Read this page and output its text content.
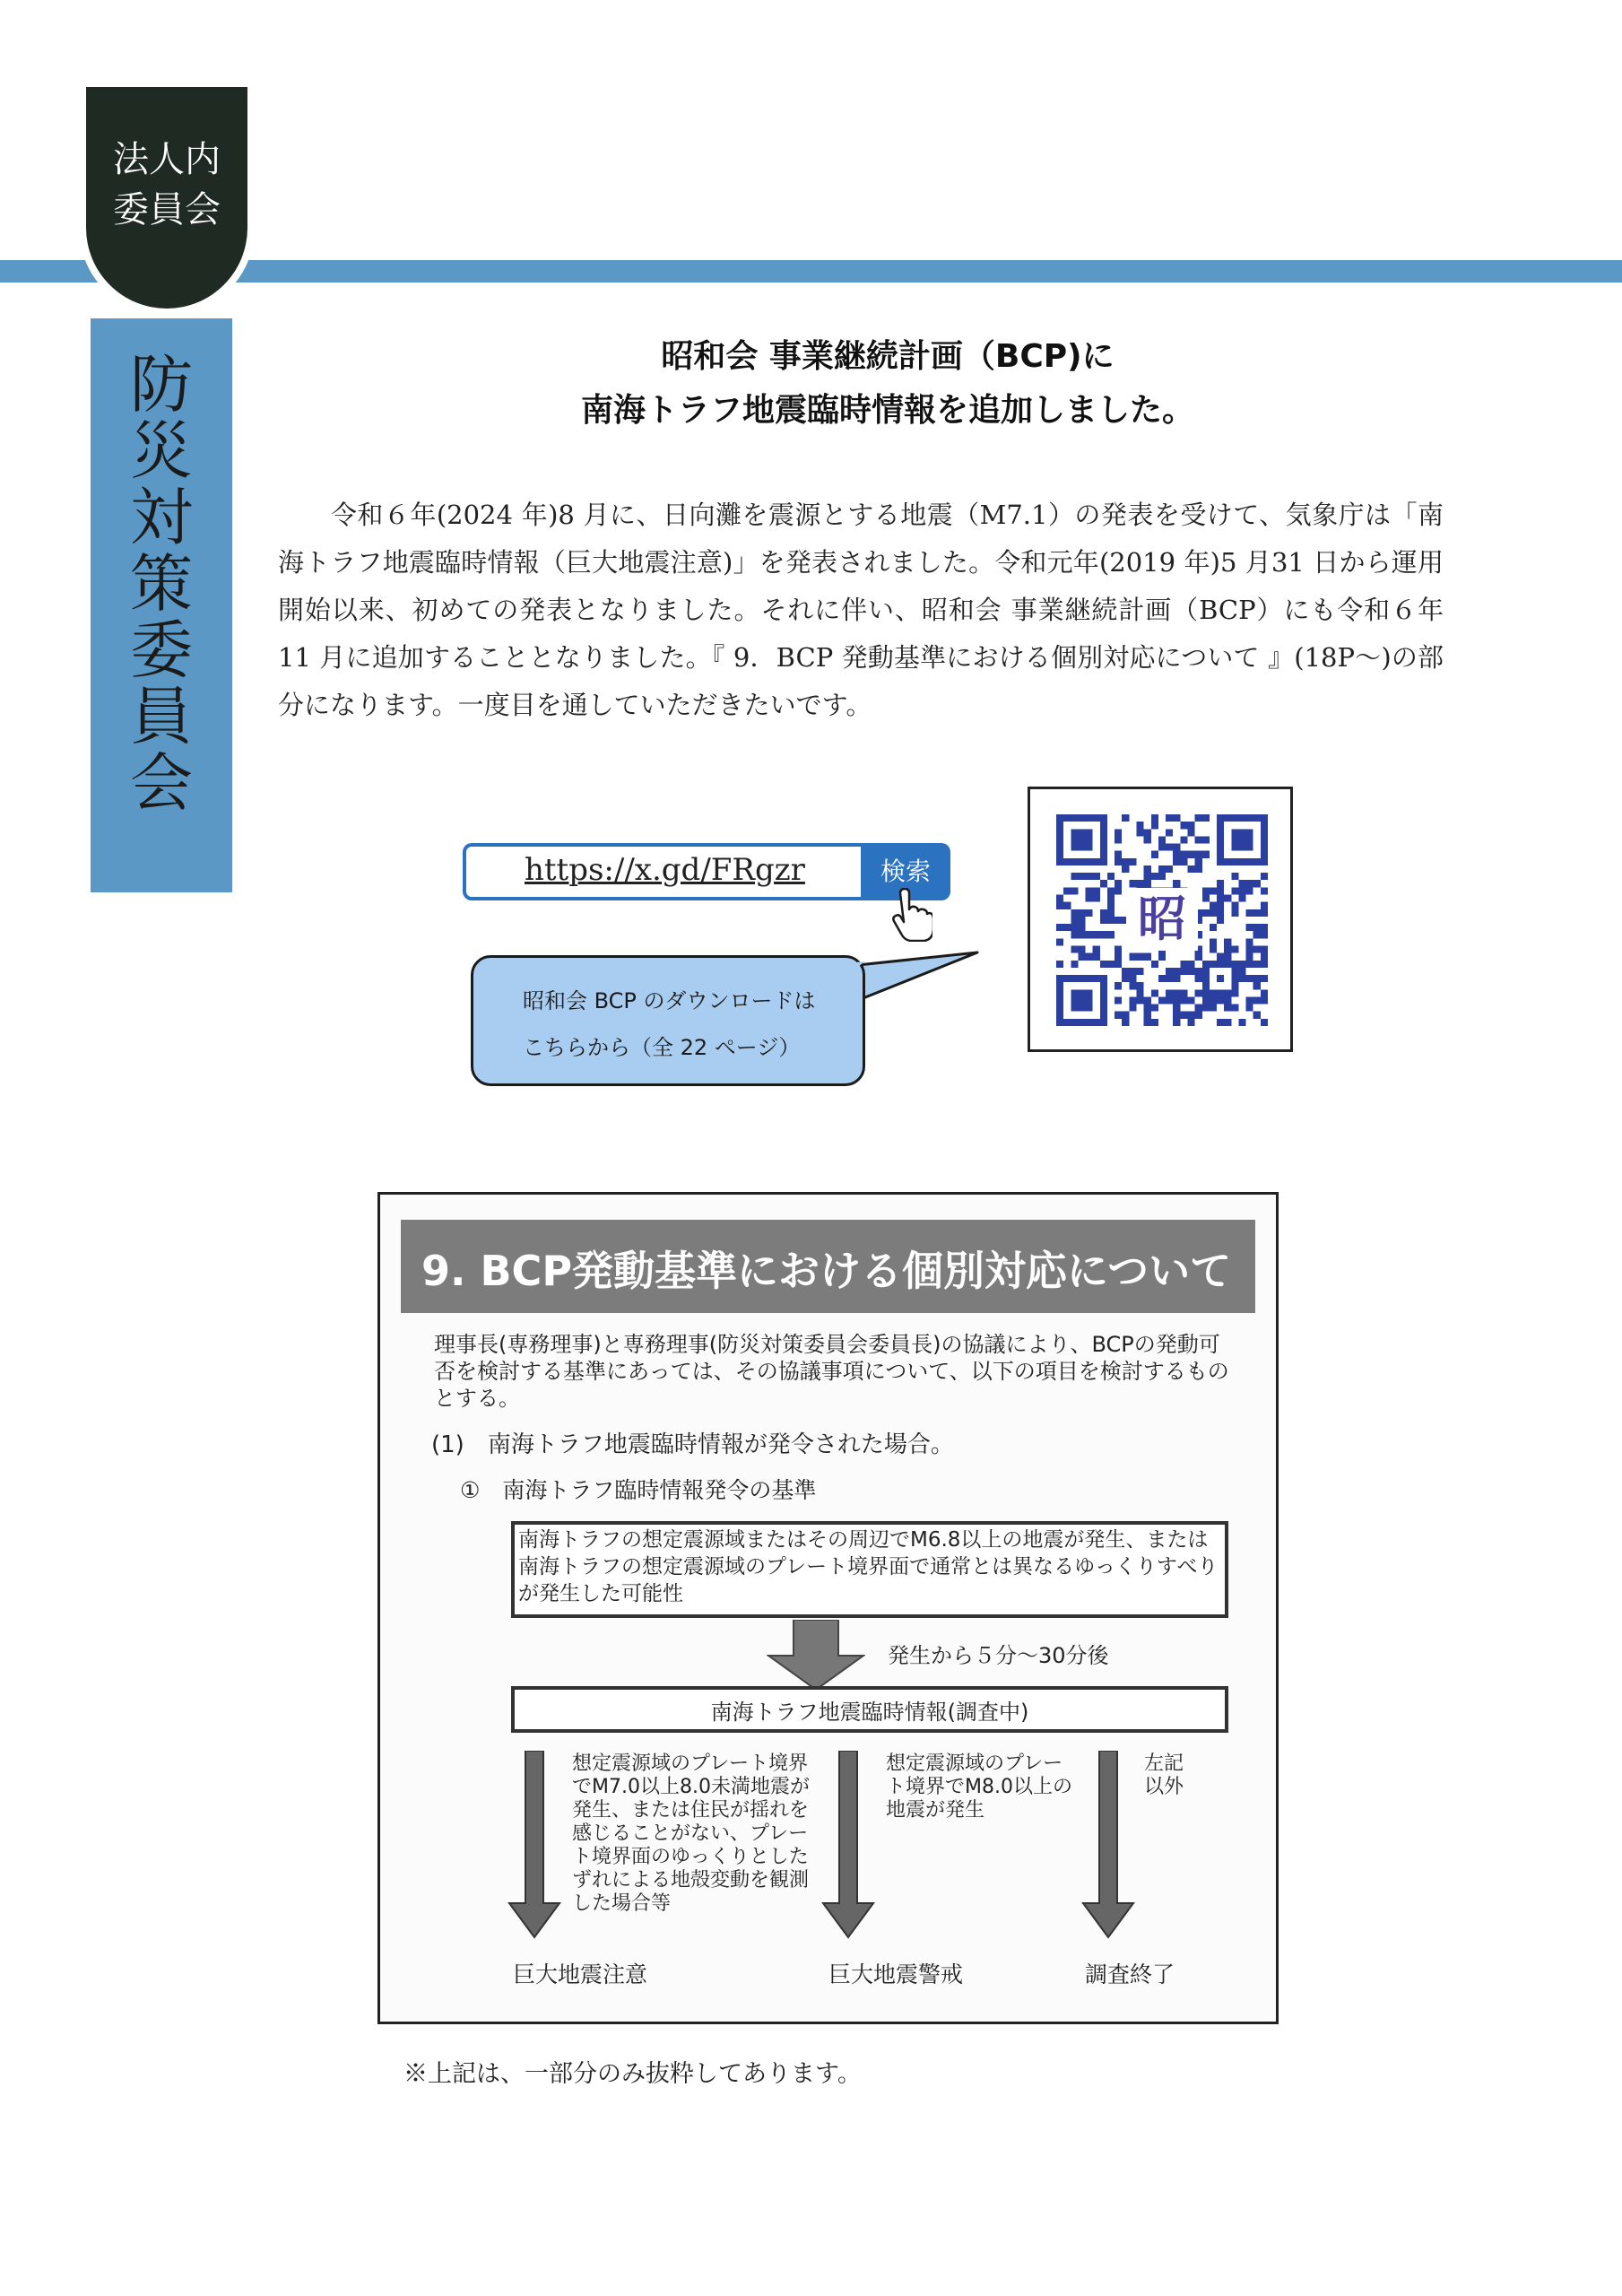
法人内
委員会
防
災
対
策
委
員
会
昭和会 事業継続計画（BCP)に
南海トラフ地震臨時情報を追加しました。
　　令和６年(2024 年)8 月に、日向灘を震源とする地震（M7.1）の発表を受けて、気象庁は「南海トラフ地震臨時情報（巨大地震注意)」を発表されました。令和元年(2019 年)5 月31 日から運用開始以来、初めての発表となりました。それに伴い、昭和会 事業継続計画（BCP）にも令和６年 11 月に追加することとなりました。『 9．BCP 発動基準における個別対応について 』(18P～)の部分になります。一度目を通していただきたいです。
https://x.gd/FRgzr	検索
昭和会 BCP のダウンロードは
こちらから（全 22 ページ）
昭
9. BCP発動基準における個別対応について
理事長(専務理事)と専務理事(防災対策委員会委員長)の協議により、BCPの発動可否を検討する基準にあっては、その協議事項について、以下の項目を検討するものとする。
(1)　南海トラフ地震臨時情報が発令された場合。
①　南海トラフ臨時情報発令の基準
南海トラフの想定震源域またはその周辺でM6.8以上の地震が発生、または南海トラフの想定震源域のプレート境界面で通常とは異なるゆっくりすべりが発生した可能性
発生から５分～30分後
南海トラフ地震臨時情報(調査中)
想定震源域のプレート境界でM7.0以上8.0未満地震が発生、または住民が揺れを感じることがない、プレート境界面のゆっくりとしたずれによる地殻変動を観測した場合等
想定震源域のプレート境界でM8.0以上の地震が発生
左記以外
巨大地震注意	巨大地震警戒	調査終了
※上記は、一部分のみ抜粋してあります。
